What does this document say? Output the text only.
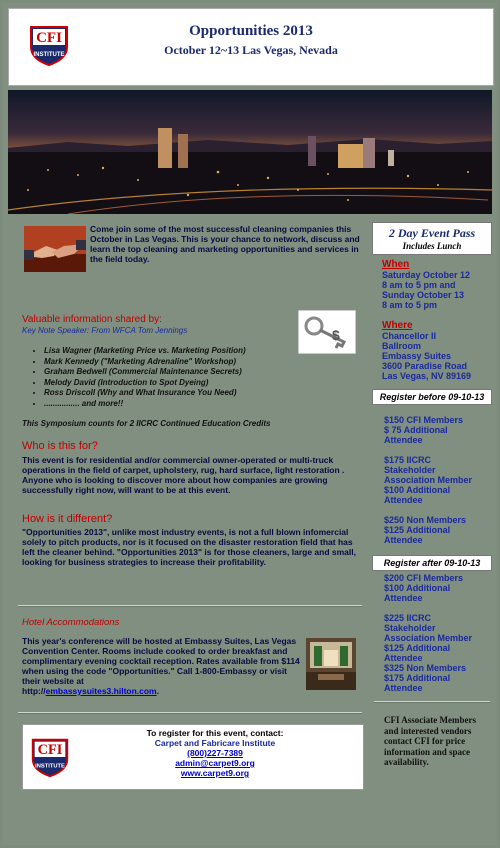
CFI
INSTITUTE
Opportunities 2013
October 12~13 Las Vegas, Nevada

Come join some of the most successful cleaning companies this October in Las Vegas. This is your chance to network, discuss and learn the top cleaning and marketing opportunities and services in the field today.

Valuable information shared by:

Key Note Speaker: From WFCA Tom Jennings	$
• Lisa Wagner (Marketing Price vs. Marketing Position)
• Mark Kennedy ("Marketing Adrenaline" Workshop)
• Graham Bedwell (Commercial Maintenance Secrets)
• Melody David (Introduction to Spot Dyeing)
• Ross Driscoll (Why and What Insurance You Need)
• ................ and more!!

This Symposium counts for 2 IICRC Continued Education Credits

Who is this for?

This event is for residential and/or commercial owner-operated or multi-truck operations in the field of carpet, upholstery, rug, hard surface, light restoration . Anyone who is looking to discover more about how companies are growing successfully right now, will want to be at this event.

How is it different?

"Opportunities 2013", unlike most industry events, is not a full blown infomercial solely to pitch products, nor is it focused on the disaster restoration field that has left the cleaner behind. "Opportunities 2013" is for those cleaners, large and small, looking for business strategies to increase their profitability.

Hotel Accommodations

This year's conference will be hosted at Embassy Suites, Las Vegas Convention Center. Rooms include cooked to order breakfast and complimentary evening cocktail reception. Rates available from $114 when using the code "Opportunities." Call 1-800-Embassy or visit their website at
http://embassysuites3.hilton.com.

CFI
INSTITUTE
To register for this event, contact:
Carpet and Fabricare Institute
(800)227-7389
admin@carpet9.org
www.carpet9.org
2 Day Event Pass
Includes Lunch

When

Saturday October 12

8 am to 5 pm and

Sunday October 13

8 am to 5 pm

Where

Chancellor II

Ballroom

Embassy Suites

3600 Paradise Road

Las Vegas, NV 89169

Register before 09-10-13

$150 CFI Members

$ 75 Additional

Attendee

$175 IICRC

Stakeholder

Association Member

$100 Additional

Attendee

$250 Non Members

$125 Additional

Attendee

Register after 09-10-13

$200 CFI Members

$100 Additional

Attendee

$225 IICRC

Stakeholder

Association Member

$125 Additional

Attendee

$325 Non Members

$175 Additional

Attendee

CFI Associate Members and interested vendors contact CFI for price information and space availability.
